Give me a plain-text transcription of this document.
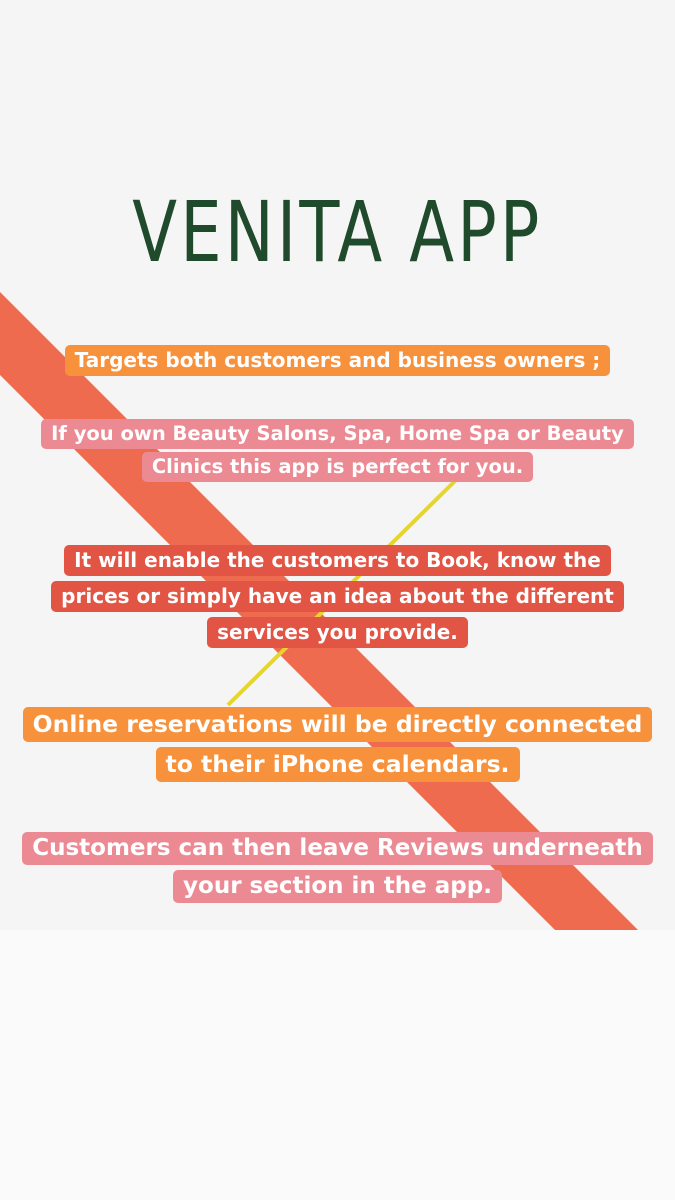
VENITA APP
Targets both customers and business owners ;
If you own Beauty Salons, Spa, Home Spa or Beauty
Clinics this app is perfect for you.
It will enable the customers to Book, know the
prices or simply have an idea about the different
services you provide.
Online reservations will be directly connected
to their iPhone calendars.
Customers can then leave Reviews underneath
your section in the app.
